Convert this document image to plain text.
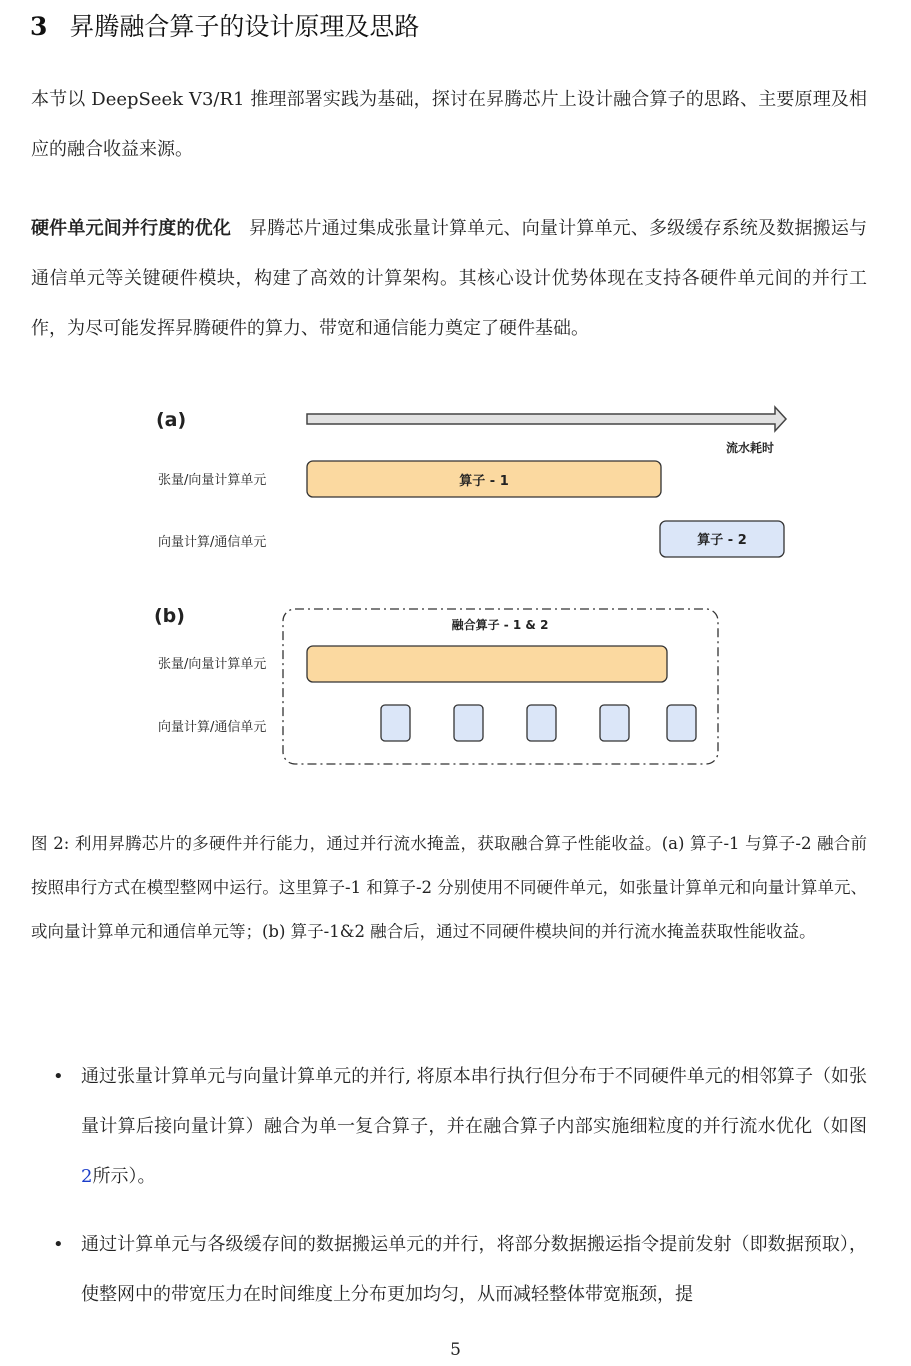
3 昇腾融合算子的设计原理及思路

本节以 DeepSeek V3/R1 推理部署实践为基础，探讨在昇腾芯片上设计融合算子的思路、主要原理及相应的融合收益来源。

硬件单元间并行度的优化 昇腾芯片通过集成张量计算单元、向量计算单元、多级缓存系统及数据搬运与通信单元等关键硬件模块，构建了高效的计算架构。其核心设计优势体现在支持各硬件单元间的并行工作，为尽可能发挥昇腾硬件的算力、带宽和通信能力奠定了硬件基础。

(a)
流水耗时
张量/向量计算单元	算子 - 1
向量计算/通信单元	算子 - 2
(b)	融合算子 - 1 & 2
张量/向量计算单元
向量计算/通信单元

图 2: 利用昇腾芯片的多硬件并行能力，通过并行流水掩盖，获取融合算子性能收益。(a) 算子-1 与算子-2 融合前按照串行方式在模型整网中运行。这里算子-1 和算子-2 分别使用不同硬件单元，如张量计算单元和向量计算单元、或向量计算单元和通信单元等；(b) 算子-1&2 融合后，通过不同硬件模块间的并行流水掩盖获取性能收益。

• 通过张量计算单元与向量计算单元的并行, 将原本串行执行但分布于不同硬件单元的相邻算子（如张量计算后接向量计算）融合为单一复合算子，并在融合算子内部实施细粒度的并行流水优化（如图 2所示）。
• 通过计算单元与各级缓存间的数据搬运单元的并行，将部分数据搬运指令提前发射（即数据预取），使整网中的带宽压力在时间维度上分布更加均匀，从而减轻整体带宽瓶颈，提
5
